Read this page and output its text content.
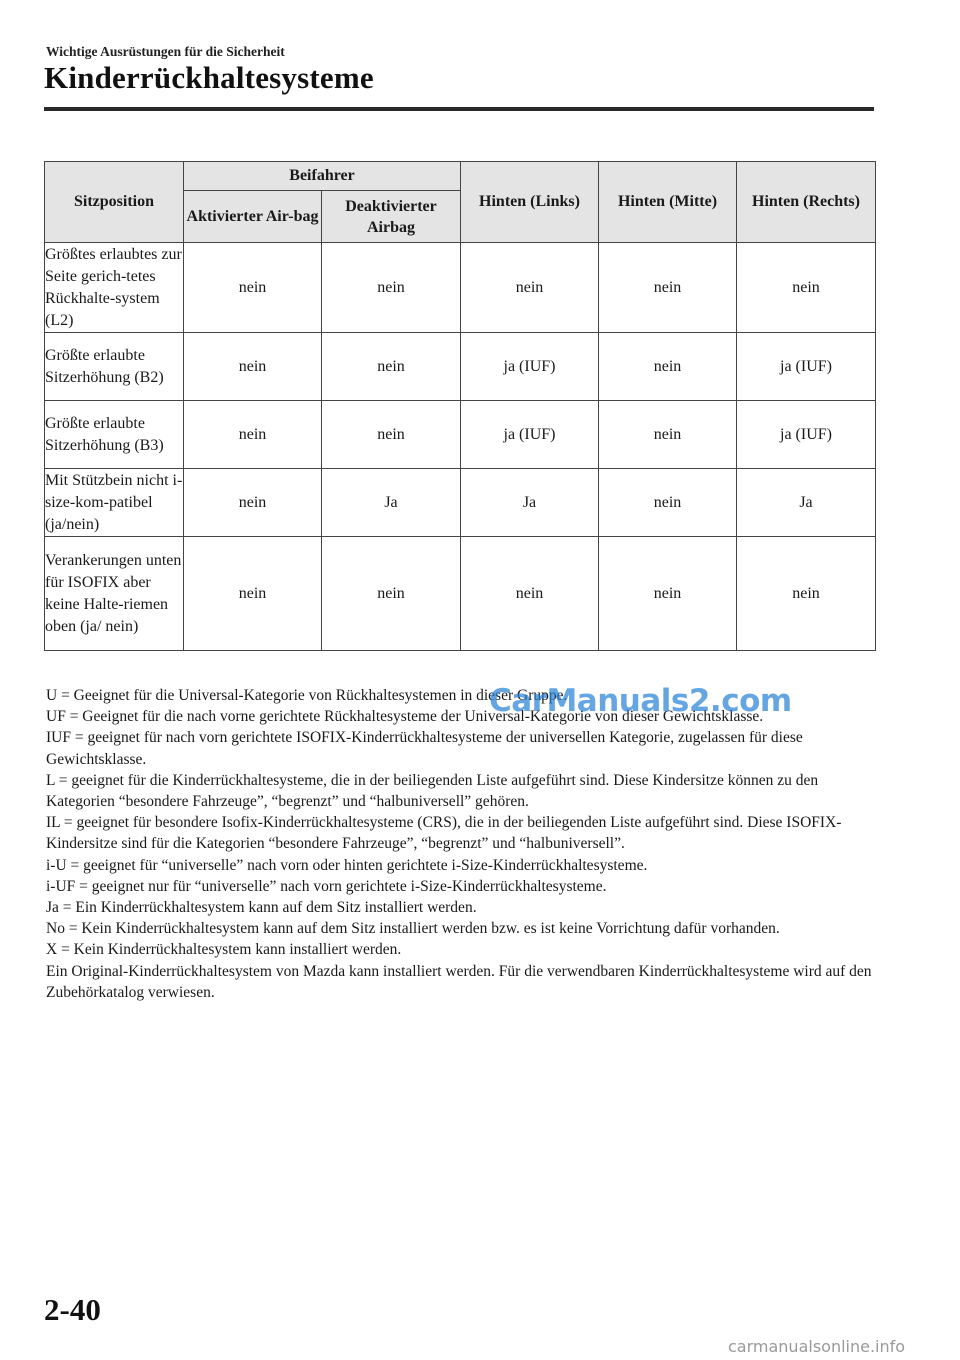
Wichtige Ausrüstungen für die Sicherheit
Kinderrückhaltesysteme
Sitzposition	Beifahrer		Hinten (Links)	Hinten (Mitte)	Hinten (Rechts)
	Aktivierter Air-bag	Deaktivierter Airbag			
Größtes erlaubtes zur Seite gerich-tetes Rückhalte-system (L2)	nein	nein	nein	nein	nein
Größte erlaubte Sitzerhöhung (B2)	nein	nein	ja (IUF)	nein	ja (IUF)
Größte erlaubte Sitzerhöhung (B3)	nein	nein	ja (IUF)	nein	ja (IUF)
Mit Stützbein nicht i-size-kom-patibel (ja/nein)	nein	Ja	Ja	nein	Ja
Verankerungen unten für ISOFIX aber keine Halte-riemen oben (ja/ nein)	nein	nein	nein	nein	nein

U = Geeignet für die Universal-Kategorie von Rückhaltesystemen in dieser Gruppe.

UF = Geeignet für die nach vorne gerichtete Rückhaltesysteme der Universal-Kategorie von dieser Gewichtsklasse.

IUF = geeignet für nach vorn gerichtete ISOFIX-Kinderrückhaltesysteme der universellen Kategorie, zugelassen für diese Gewichtsklasse.

L = geeignet für die Kinderrückhaltesysteme, die in der beiliegenden Liste aufgeführt sind. Diese Kindersitze können zu den Kategorien “besondere Fahrzeuge”, “begrenzt” und “halbuniversell” gehören.

IL = geeignet für besondere Isofix-Kinderrückhaltesysteme (CRS), die in der beiliegenden Liste aufgeführt sind. Diese ISOFIX-Kindersitze sind für die Kategorien “besondere Fahrzeuge”, “begrenzt” und “halbuniversell”.

i-U = geeignet für “universelle” nach vorn oder hinten gerichtete i-Size-Kinderrückhaltesysteme.

i-UF = geeignet nur für “universelle” nach vorn gerichtete i-Size-Kinderrückhaltesysteme.

Ja = Ein Kinderrückhaltesystem kann auf dem Sitz installiert werden.

No = Kein Kinderrückhaltesystem kann auf dem Sitz installiert werden bzw. es ist keine Vorrichtung dafür vorhanden.

X = Kein Kinderrückhaltesystem kann installiert werden.

Ein Original-Kinderrückhaltesystem von Mazda kann installiert werden. Für die verwendbaren Kinderrückhaltesysteme wird auf den Zubehörkatalog verwiesen.

CarManuals2.com
2-40
carmanualsonline.info
